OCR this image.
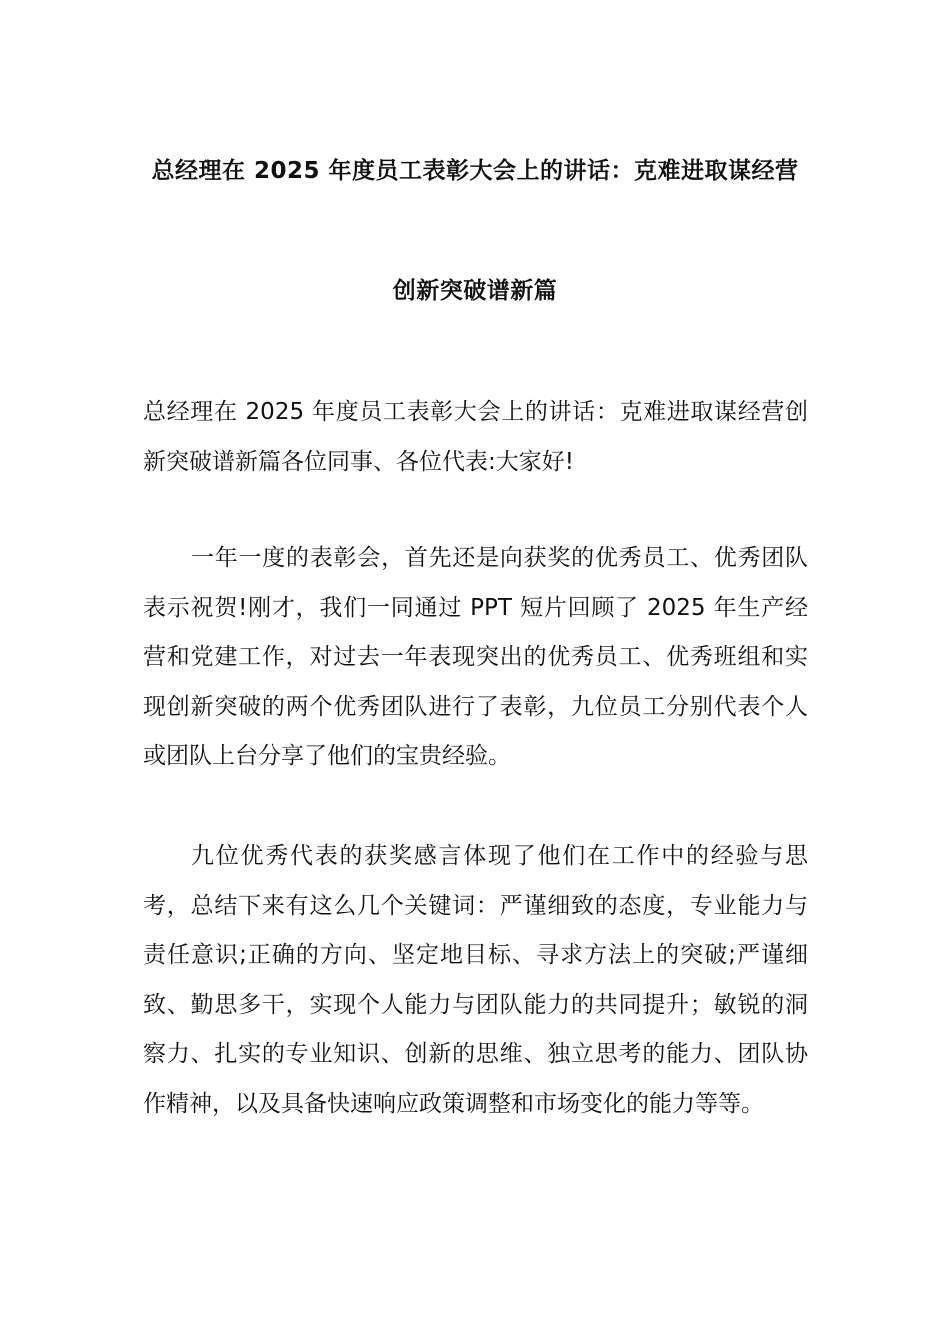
总经理在 2025 年度员工表彰大会上的讲话：克难进取谋经营
创新突破谱新篇

总经理在 2025 年度员工表彰大会上的讲话：克难进取谋经营创新突破谱新篇各位同事、各位代表:大家好!

一年一度的表彰会，首先还是向获奖的优秀员工、优秀团队表示祝贺!刚才，我们一同通过 PPT 短片回顾了 2025 年生产经营和党建工作，对过去一年表现突出的优秀员工、优秀班组和实现创新突破的两个优秀团队进行了表彰，九位员工分别代表个人或团队上台分享了他们的宝贵经验。

九位优秀代表的获奖感言体现了他们在工作中的经验与思考，总结下来有这么几个关键词：严谨细致的态度，专业能力与责任意识;正确的方向、坚定地目标、寻求方法上的突破;严谨细致、勤思多干，实现个人能力与团队能力的共同提升；敏锐的洞察力、扎实的专业知识、创新的思维、独立思考的能力、团队协作精神，以及具备快速响应政策调整和市场变化的能力等等。
